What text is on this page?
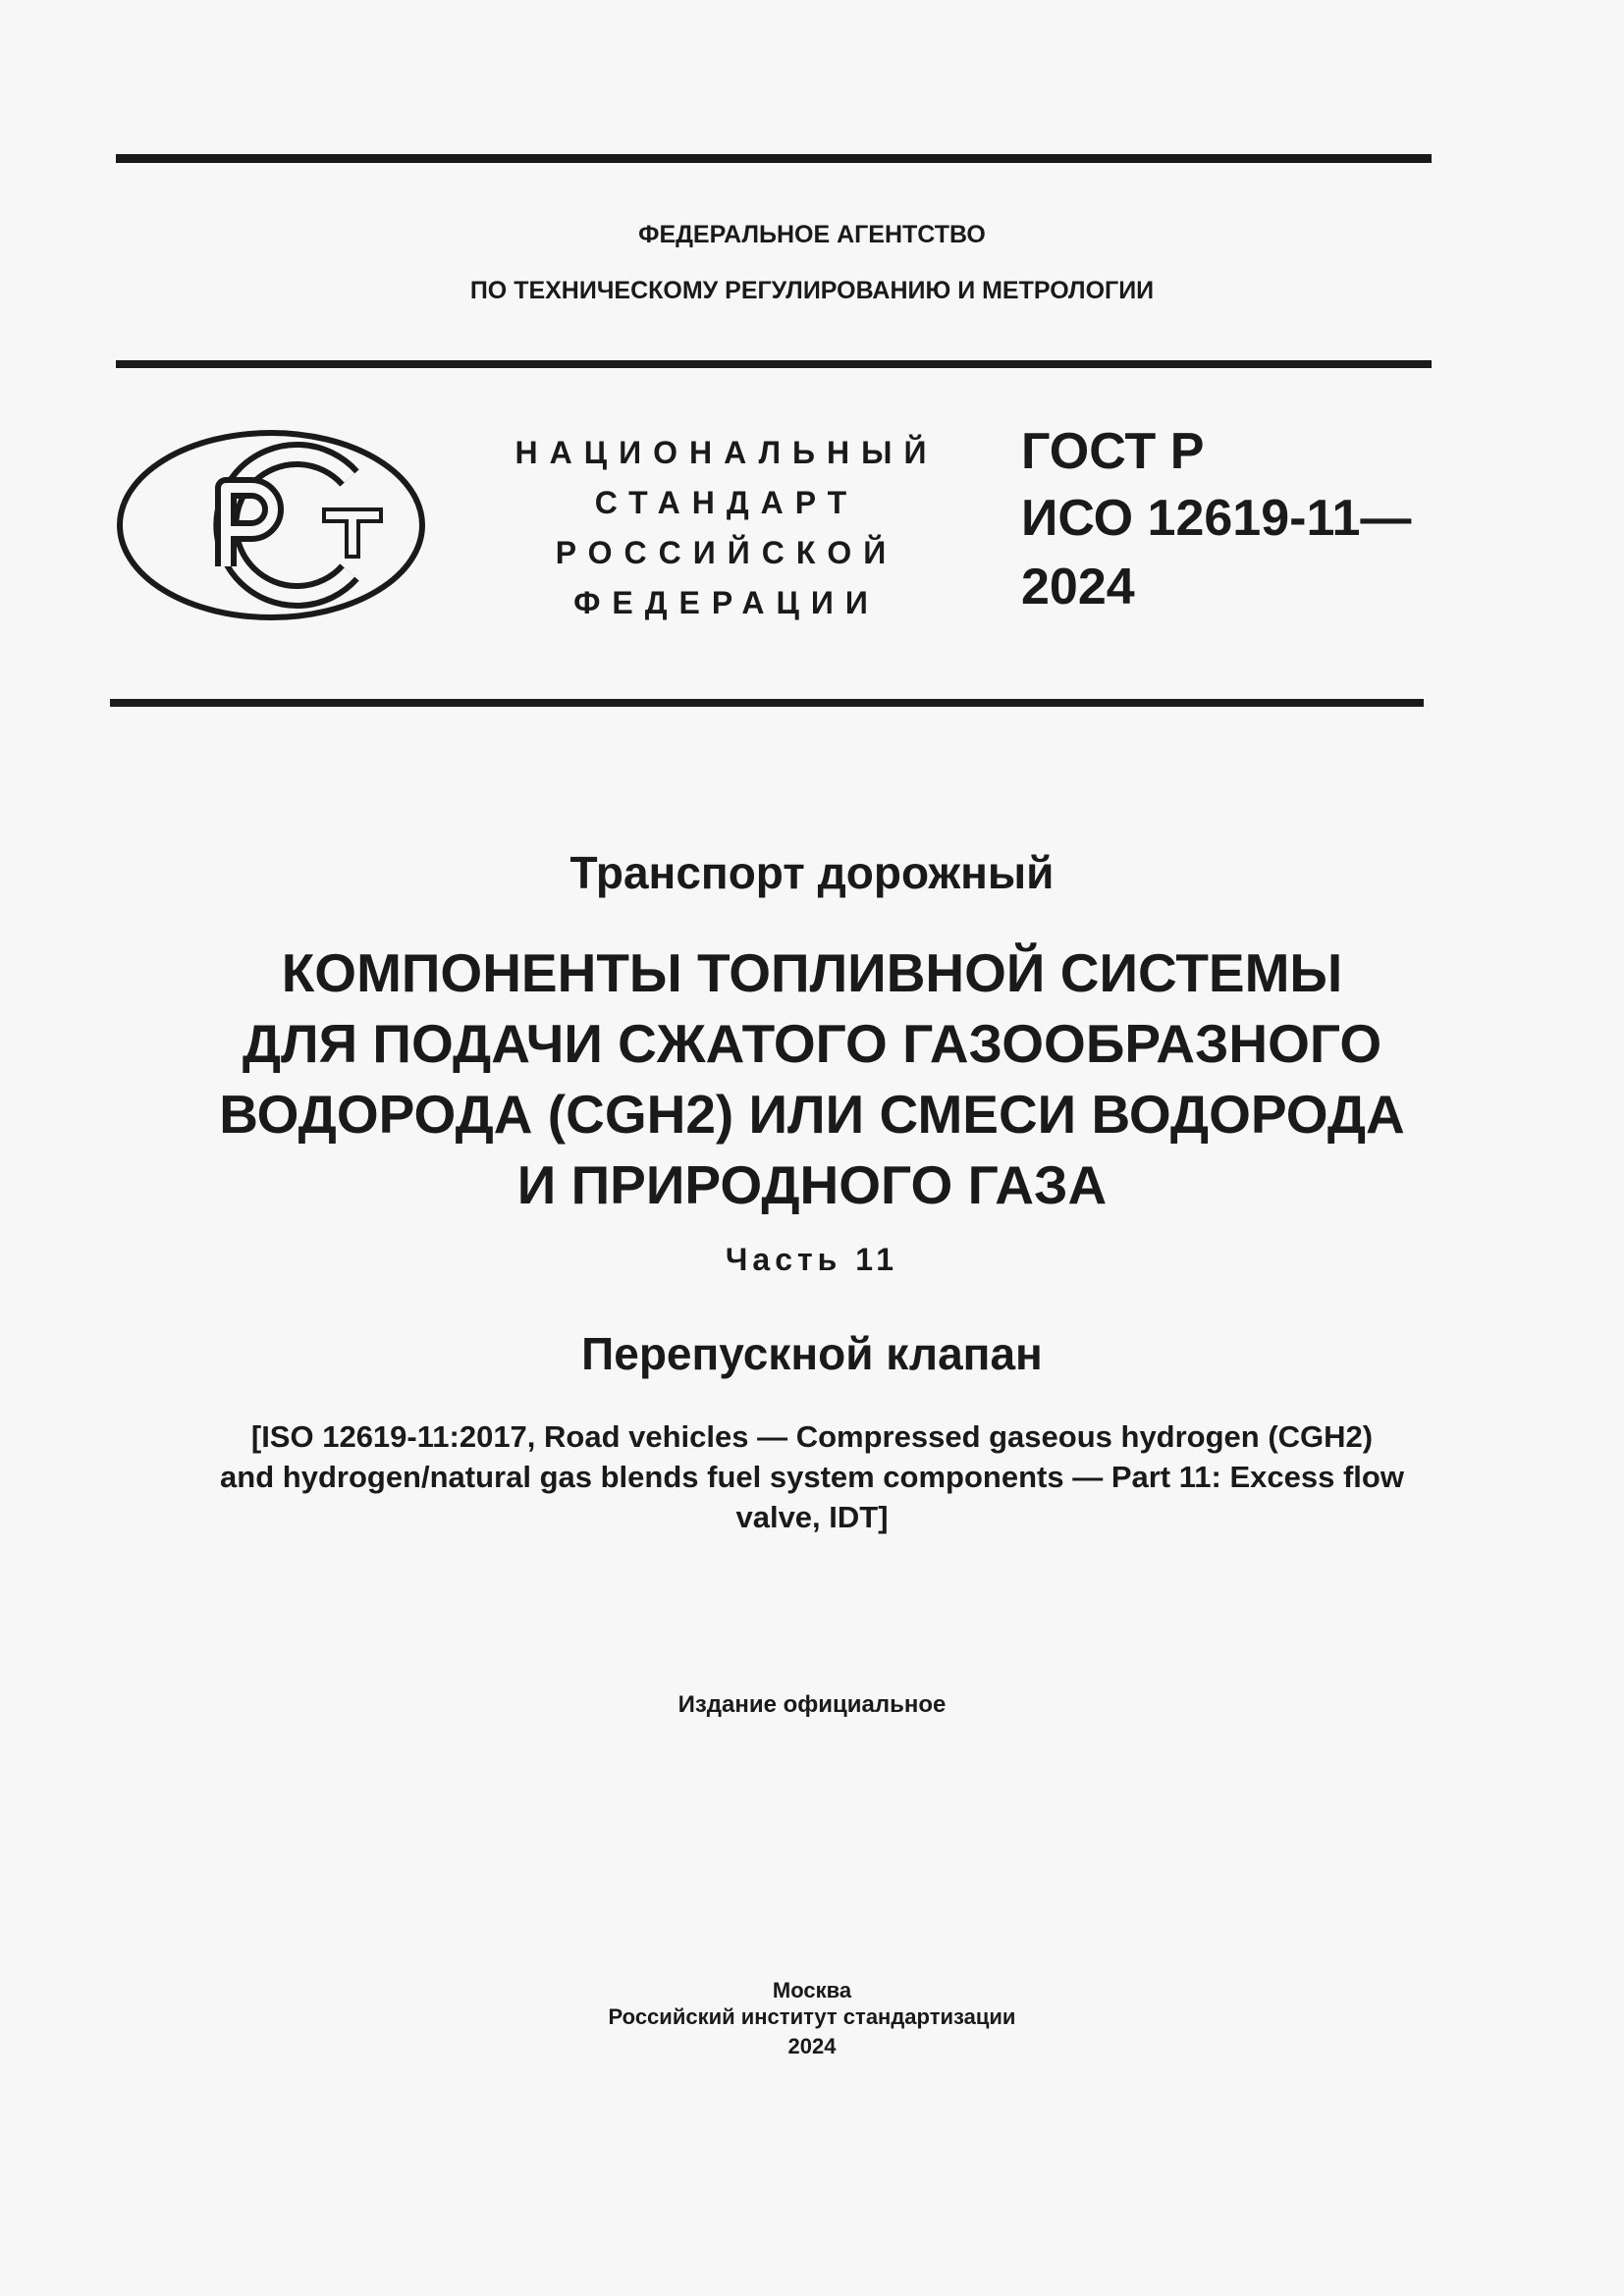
ФЕДЕРАЛЬНОЕ АГЕНТСТВО

ПО ТЕХНИЧЕСКОМУ РЕГУЛИРОВАНИЮ И МЕТРОЛОГИИ

НАЦИОНАЛЬНЫЙ
СТАНДАРТ
РОССИЙСКОЙ
ФЕДЕРАЦИИ
ГОСТ Р
ИСО 12619-11—
2024

Транспорт дорожный

КОМПОНЕНТЫ ТОПЛИВНОЙ СИСТЕМЫ

ДЛЯ ПОДАЧИ СЖАТОГО ГАЗООБРАЗНОГО

ВОДОРОДА (CGH2) ИЛИ СМЕСИ ВОДОРОДА

И ПРИРОДНОГО ГАЗА

Часть 11

Перепускной клапан

[ISO 12619-11:2017, Road vehicles — Compressed gaseous hydrogen (CGH2)

and hydrogen/natural gas blends fuel system components — Part 11: Excess flow

valve, IDT]

Издание официальное

Москва

Российский институт стандартизации

2024
